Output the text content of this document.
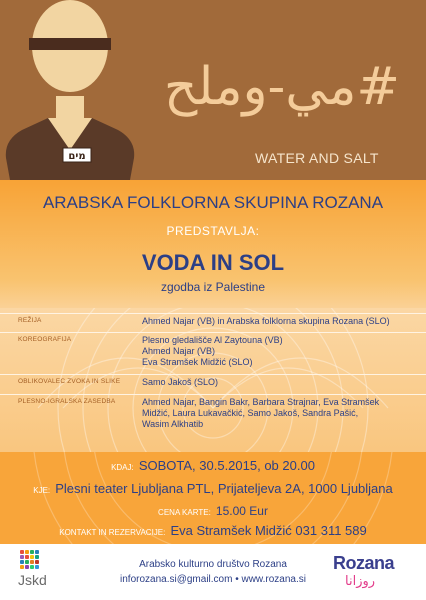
מים
#مي-وملح
WATER AND SALT
ARABSKA FOLKLORNA SKUPINA ROZANA
PREDSTAVLJA:
VODA IN SOL
zgodba iz Palestine
REŽIJA	Ahmed Najar (VB) in Arabska folklorna skupina Rozana (SLO)
KOREOGRAFIJA	Plesno gledališče Al Zaytouna (VB)
Ahmed Najar (VB)
Eva Stramšek Midžić (SLO)
OBLIKOVALEC ZVOKA IN SLIKE Samo Jakoš (SLO)
PLESNO-IGRALSKA ZASEDBA	Ahmed Najar, Bangin Bakr, Barbara Strajnar, Eva Stramšek
Midžić, Laura Lukavačkić, Samo Jakoš, Sandra Pašić,
Wasim Alkhatib
KDAJ: SOBOTA, 30.5.2015, ob 20.00
KJE: Plesni teater Ljubljana PTL, Prijateljeva 2A, 1000 Ljubljana
CENA KARTE: 15.00 Eur
KONTAKT IN REZERVACIJE: Eva Stramšek Midžić 031 311 589
Jskd
Arabsko kulturno društvo Rozana
inforozana.si@gmail.com • www.rozana.si
Rozana
روزانا
